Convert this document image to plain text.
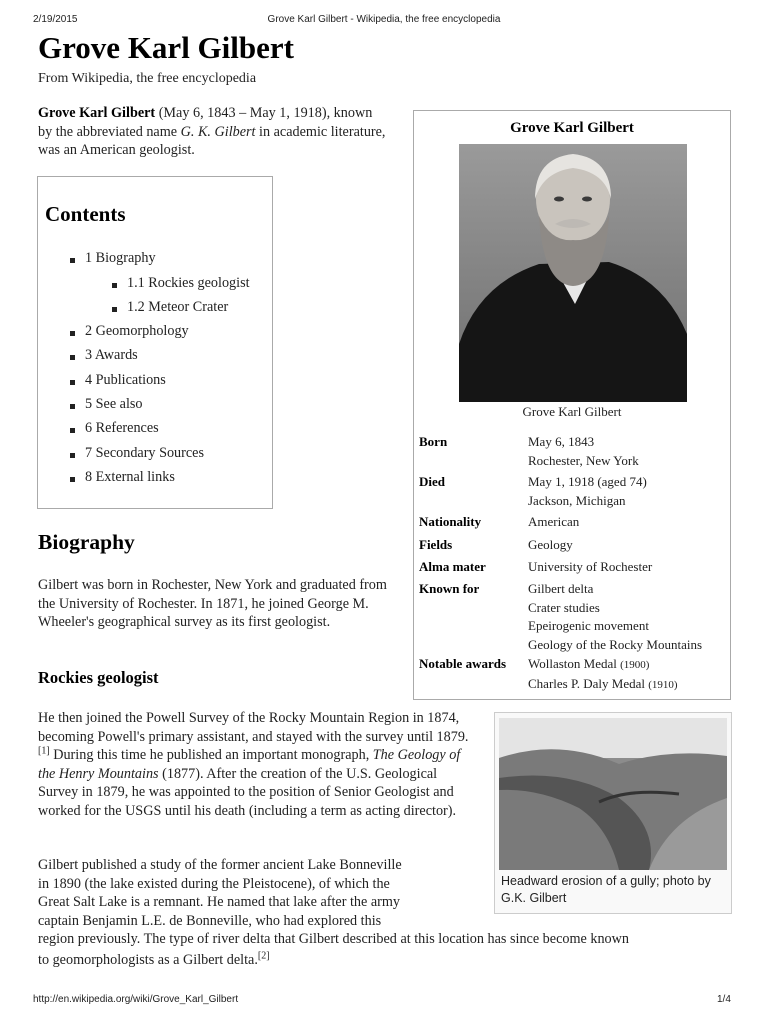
2/19/2015	Grove Karl Gilbert - Wikipedia, the free encyclopedia
Grove Karl Gilbert
From Wikipedia, the free encyclopedia

Grove Karl Gilbert (May 6, 1843 – May 1, 1918), known by the abbreviated name G. K. Gilbert in academic literature, was an American geologist.

Contents
1 Biography
1.1 Rockies geologist
1.2 Meteor Crater
2 Geomorphology
3 Awards
4 Publications
5 See also
6 References
7 Secondary Sources
8 External links
Biography

Gilbert was born in Rochester, New York and graduated from the University of Rochester. In 1871, he joined George M. Wheeler's geographical survey as its first geologist.

Rockies geologist

He then joined the Powell Survey of the Rocky Mountain Region in 1874, becoming Powell's primary assistant, and stayed with the survey until 1879.[1] During this time he published an important monograph, The Geology of the Henry Mountains (1877). After the creation of the U.S. Geological Survey in 1879, he was appointed to the position of Senior Geologist and worked for the USGS until his death (including a term as acting director).

Gilbert published a study of the former ancient Lake Bonneville
in 1890 (the lake existed during the Pleistocene), of which the
Great Salt Lake is a remnant. He named that lake after the army
captain Benjamin L.E. de Bonneville, who had explored this
region previously. The type of river delta that Gilbert described at this location has since become known
to geomorphologists as a Gilbert delta.[2]
Grove Karl Gilbert
Grove Karl Gilbert
Born	May 6, 1843
Rochester, New York
Died	May 1, 1918 (aged 74)
Jackson, Michigan
Nationality	American
Fields	Geology
Alma mater	University of Rochester
Known for	Gilbert delta
Crater studies
Epeirogenic movement
Geology of the Rocky Mountains
Notable awards Wollaston Medal (1900)
Charles P. Daly Medal (1910)
Headward erosion of a gully; photo by G.K. Gilbert
http://en.wikipedia.org/wiki/Grove_Karl_Gilbert	1/4
